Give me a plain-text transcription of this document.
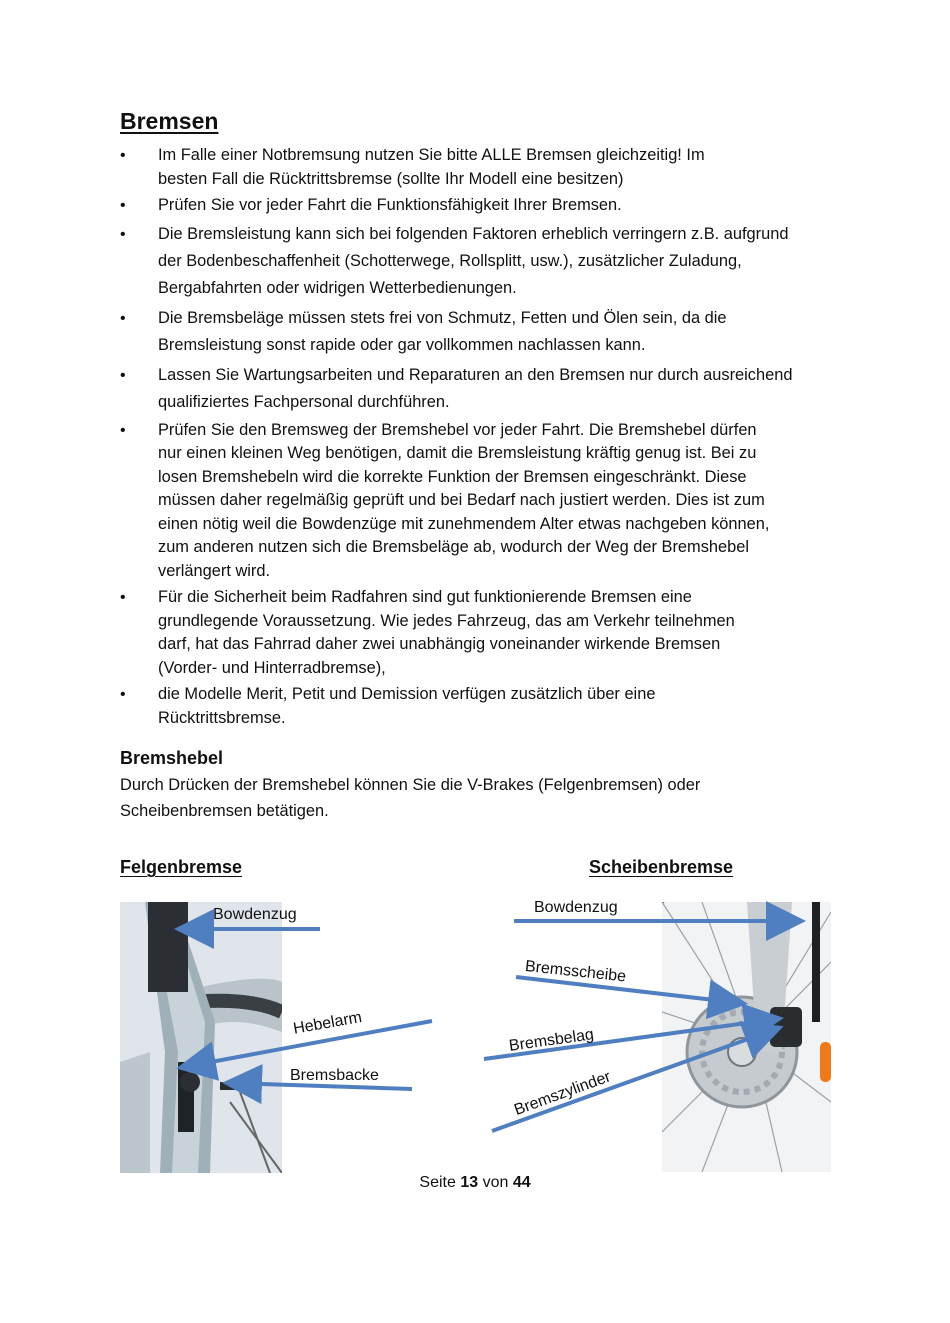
Bremsen
• Im Falle einer Notbremsung nutzen Sie bitte ALLE Bremsen gleichzeitig! Im
besten Fall die Rücktrittsbremse (sollte Ihr Modell eine besitzen)
• Prüfen Sie vor jeder Fahrt die Funktionsfähigkeit Ihrer Bremsen.
• Die Bremsleistung kann sich bei folgenden Faktoren erheblich verringern z.B. aufgrund
der Bodenbeschaffenheit (Schotterwege, Rollsplitt, usw.), zusätzlicher Zuladung,
Bergabfahrten oder widrigen Wetterbedienungen.
• Die Bremsbeläge müssen stets frei von Schmutz, Fetten und Ölen sein, da die
Bremsleistung sonst rapide oder gar vollkommen nachlassen kann.
• Lassen Sie Wartungsarbeiten und Reparaturen an den Bremsen nur durch ausreichend
qualifiziertes Fachpersonal durchführen.
• Prüfen Sie den Bremsweg der Bremshebel vor jeder Fahrt. Die Bremshebel dürfen
nur einen kleinen Weg benötigen, damit die Bremsleistung kräftig genug ist. Bei zu
losen Bremshebeln wird die korrekte Funktion der Bremsen eingeschränkt. Diese
müssen daher regelmäßig geprüft und bei Bedarf nach justiert werden. Dies ist zum
einen nötig weil die Bowdenzüge mit zunehmendem Alter etwas nachgeben können,
zum anderen nutzen sich die Bremsbeläge ab, wodurch der Weg der Bremshebel
verlängert wird.
• Für die Sicherheit beim Radfahren sind gut funktionierende Bremsen eine
grundlegende Voraussetzung. Wie jedes Fahrzeug, das am Verkehr teilnehmen
darf, hat das Fahrrad daher zwei unabhängig voneinander wirkende Bremsen
(Vorder- und Hinterradbremse),
• die Modelle Merit, Petit und Demission verfügen zusätzlich über eine
Rücktrittsbremse.
Bremshebel
Durch Drücken der Bremshebel können Sie die V-Brakes (Felgenbremsen) oder
Scheibenbremsen betätigen.
Felgenbremse
Bowdenzug
Hebelarm
Bremsbacke
Scheibenbremse
Bowdenzug
Bremsscheibe
Bremsbelag
Bremszylinder
Seite 13 von 44
